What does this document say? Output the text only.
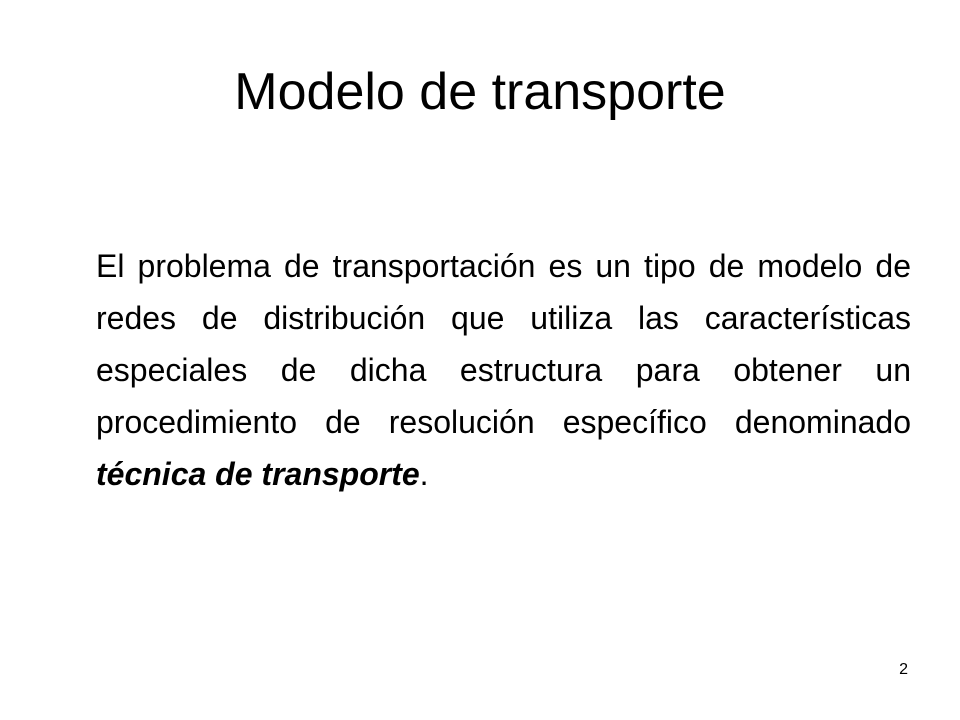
Modelo de transporte

El problema de transportación es un tipo de modelo de redes de distribución que utiliza las características especiales de dicha estructura para obtener un procedimiento de resolución específico denominado técnica de transporte.

2
